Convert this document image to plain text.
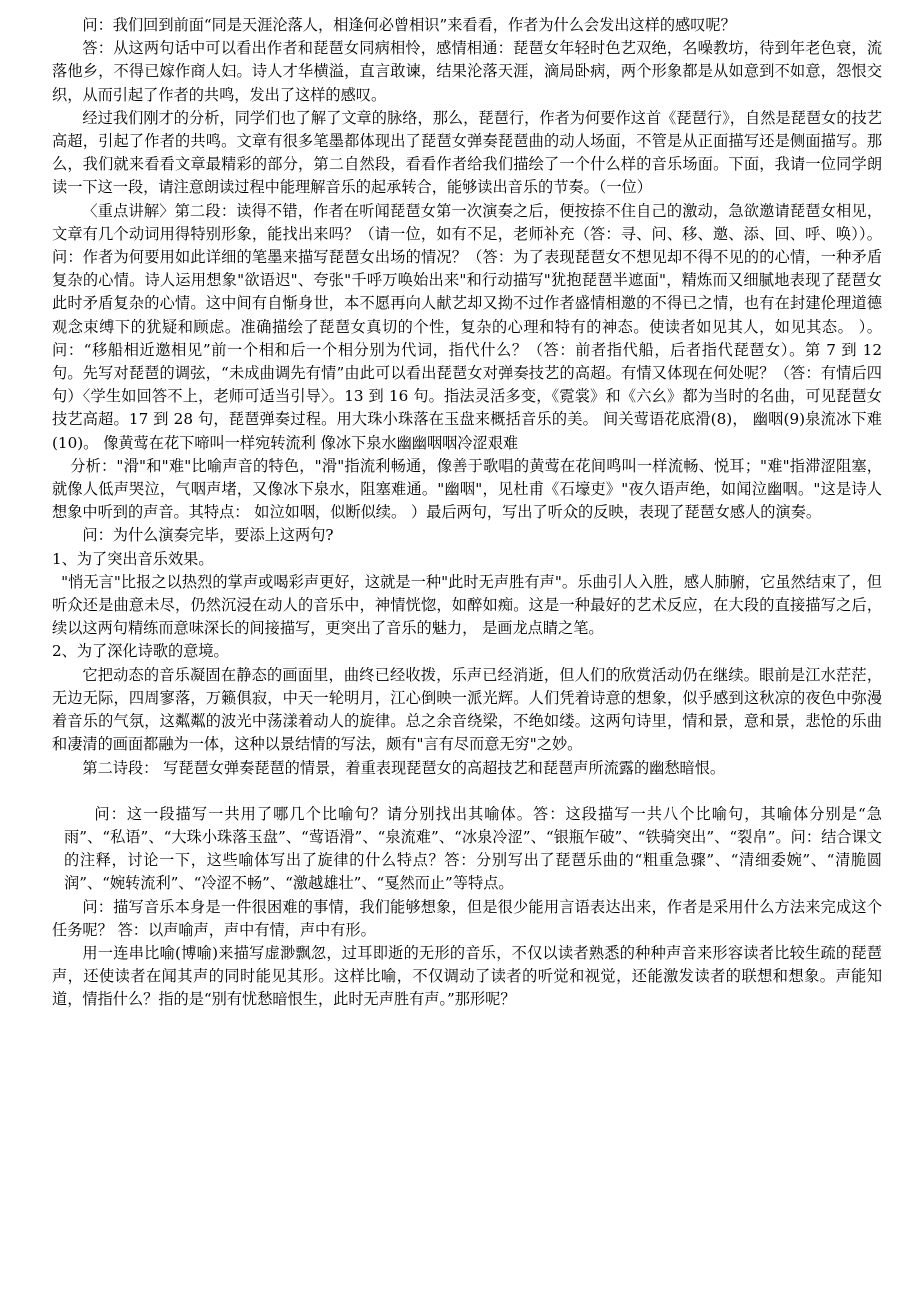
问：我们回到前面“同是天涯沦落人，相逢何必曾相识”来看看，作者为什么会发出这样的感叹呢？

答：从这两句话中可以看出作者和琵琶女同病相怜，感情相通：琵琶女年轻时色艺双绝，名噪教坊，待到年老色衰，流落他乡，不得已嫁作商人妇。诗人才华横溢，直言敢谏，结果沦落天涯，滴局卧病，两个形象都是从如意到不如意，怨恨交织，从而引起了作者的共鸣，发出了这样的感叹。

经过我们刚才的分析，同学们也了解了文章的脉络，那么，琵琶行，作者为何要作这首《琵琶行》，自然是琵琶女的技艺高超，引起了作者的共鸣。文章有很多笔墨都体现出了琵琶女弹奏琵琶曲的动人场面，不管是从正面描写还是侧面描写。那么，我们就来看看文章最精彩的部分，第二自然段，看看作者给我们描绘了一个什么样的音乐场面。下面，我请一位同学朗读一下这一段，请注意朗读过程中能理解音乐的起承转合，能够读出音乐的节奏。（一位）

〈重点讲解〉第二段：读得不错，作者在听闻琵琶女第一次演奏之后，便按捺不住自己的激动，急欲邀请琵琶女相见，文章有几个动词用得特别形象，能找出来吗？（请一位，如有不足，老师补充（答：寻、问、移、邀、添、回、呼、唤））。问：作者为何要用如此详细的笔墨来描写琵琶女出场的情况？（答：为了表现琵琶女不想见却不得不见的的心情，一种矛盾复杂的心情。诗人运用想象"欲语迟"、夸张"千呼万唤始出来"和行动描写"犹抱琵琶半遮面"，精炼而又细腻地表现了琵琶女此时矛盾复杂的心情。这中间有自惭身世，本不愿再向人献艺却又拗不过作者盛情相邀的不得已之情，也有在封建伦理道德观念束缚下的犹疑和顾虑。准确描绘了琵琶女真切的个性，复杂的心理和特有的神态。使读者如见其人，如见其态。 ）。问：“移船相近邀相见”前一个相和后一个相分别为代词，指代什么？（答：前者指代船，后者指代琵琶女）。第 7 到 12 句。先写对琵琶的调弦，“未成曲调先有情”由此可以看出琵琶女对弹奏技艺的高超。有情又体现在何处呢？（答：有情后四句）〈学生如回答不上，老师可适当引导〉。13 到 16 句。指法灵活多变，《霓裳》和《六幺》都为当时的名曲，可见琵琶女技艺高超。17 到 28 句，琵琶弹奏过程。用大珠小珠落在玉盘来概括音乐的美。 间关莺语花底滑(8)， 幽咽(9)泉流冰下难(10)。 像黄莺在花下啼叫一样宛转流利 像冰下泉水幽幽咽咽冷涩艰难

分析："滑"和"难"比喻声音的特色，"滑"指流利畅通，像善于歌唱的黄莺在花间鸣叫一样流畅、悦耳；"难"指滞涩阻塞，就像人低声哭泣，气咽声堵，又像冰下泉水，阻塞难通。"幽咽"，见杜甫《石壕吏》"夜久语声绝，如闻泣幽咽。"这是诗人想象中听到的声音。其特点： 如泣如咽，似断似续。 ）最后两句，写出了听众的反映，表现了琵琶女感人的演奏。

问：为什么演奏完毕，要添上这两句?

1、为了突出音乐效果。

"悄无言"比报之以热烈的掌声或喝彩声更好，这就是一种"此时无声胜有声"。乐曲引人入胜，感人肺腑，它虽然结束了，但听众还是曲意未尽，仍然沉浸在动人的音乐中，神情恍惚，如醉如痴。这是一种最好的艺术反应，在大段的直接描写之后，续以这两句精练而意味深长的间接描写，更突出了音乐的魅力， 是画龙点睛之笔。

2、为了深化诗歌的意境。

它把动态的音乐凝固在静态的画面里，曲终已经收拨，乐声已经消逝，但人们的欣赏活动仍在继续。眼前是江水茫茫，无边无际，四周寥落，万籁俱寂，中天一轮明月，江心倒映一派光辉。人们凭着诗意的想象，似乎感到这秋凉的夜色中弥漫着音乐的气氛，这粼粼的波光中荡漾着动人的旋律。总之余音绕梁，不绝如缕。这两句诗里，情和景，意和景，悲怆的乐曲和凄清的画面都融为一体，这种以景结情的写法，颇有"言有尽而意无穷"之妙。

第二诗段： 写琵琶女弹奏琵琶的情景，着重表现琵琶女的高超技艺和琵琶声所流露的幽愁暗恨。

问：这一段描写一共用了哪几个比喻句？请分别找出其喻体。答：这段描写一共八个比喻句，其喻体分别是“急雨”、“私语”、“大珠小珠落玉盘”、“莺语滑”、“泉流难”、“冰泉冷涩”、“银瓶乍破”、“铁骑突出”、“裂帛”。问：结合课文的注释，讨论一下，这些喻体写出了旋律的什么特点？答：分别写出了琵琶乐曲的“粗重急骤”、“清细委婉”、“清脆圆润”、“婉转流利”、“冷涩不畅”、“激越雄壮”、“戛然而止”等特点。

问：描写音乐本身是一件很困难的事情，我们能够想象，但是很少能用言语表达出来，作者是采用什么方法来完成这个任务呢？ 答：以声喻声，声中有情，声中有形。

用一连串比喻(博喻)来描写虚渺飘忽，过耳即逝的无形的音乐，不仅以读者熟悉的种种声音来形容读者比较生疏的琵琶声，还使读者在闻其声的同时能见其形。这样比喻，不仅调动了读者的听觉和视觉，还能激发读者的联想和想象。声能知道，情指什么？指的是“别有忧愁暗恨生，此时无声胜有声。”那形呢？
